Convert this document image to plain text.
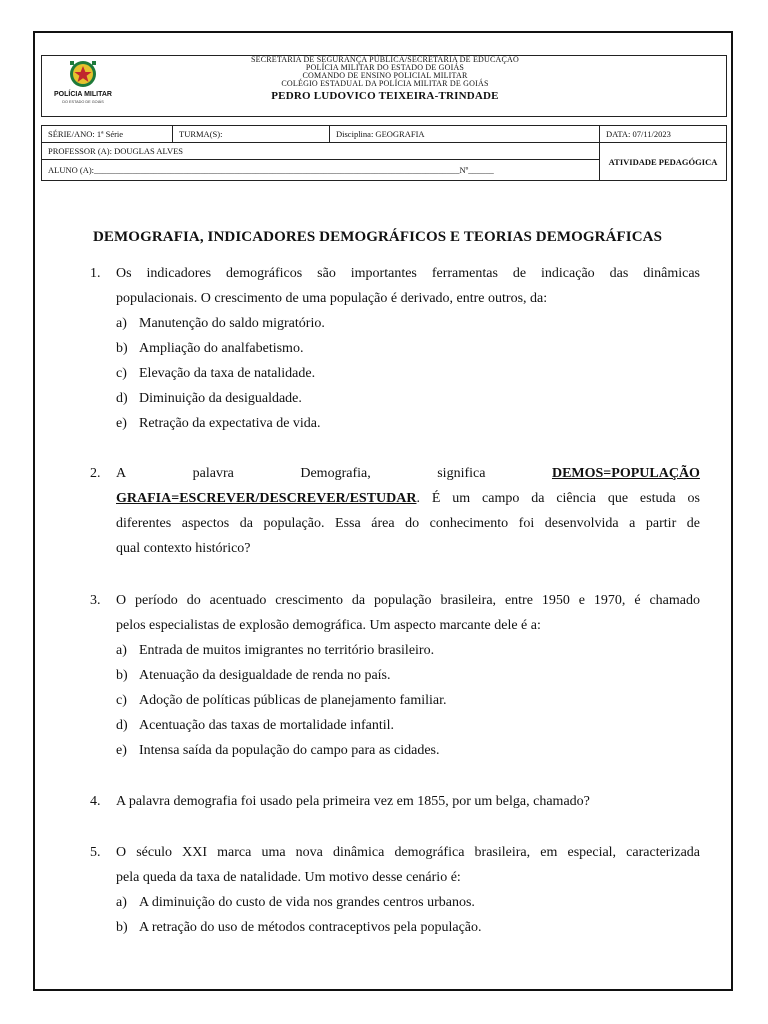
POLÍCIA MILITAR
DO ESTADO DE GOIÁS
SECRETARIA DE SEGURANÇA PÚBLICA/SECRETARIA DE EDUCAÇÃO
POLÍCIA MILITAR DO ESTADO DE GOIÁS
COMANDO DE ENSINO POLICIAL MILITAR
COLÉGIO ESTADUAL DA POLÍCIA MILITAR DE GOIÁS
PEDRO LUDOVICO TEIXEIRA-TRINDADE
SÉRIE/ANO: 1ª Série	TURMA(S):	Disciplina: GEOGRAFIA	DATA: 07/11/2023
PROFESSOR (A): DOUGLAS ALVES			ATIVIDADE PEDAGÓGICA
ALUNO (A):______________________________________________________________________________________Nº______			
DEMOGRAFIA, INDICADORES DEMOGRÁFICOS E TEORIAS DEMOGRÁFICAS
1.	Os indicadores demográficos são importantes ferramentas de indicação das dinâmicas
populacionais. O crescimento de uma população é derivado, entre outros, da:
a) Manutenção do saldo migratório.
b) Ampliação do analfabetismo.
c) Elevação da taxa de natalidade.
d) Diminuição da desigualdade.
e) Retração da expectativa de vida.
2.	A	palavra	Demografia,	significa	DEMOS=POPULAÇÃO
GRAFIA=ESCREVER/DESCREVER/ESTUDAR. É um campo da ciência que estuda os
diferentes aspectos da população. Essa área do conhecimento foi desenvolvida a partir de
qual contexto histórico?
3.	O período do acentuado crescimento da população brasileira, entre 1950 e 1970, é chamado
pelos especialistas de explosão demográfica. Um aspecto marcante dele é a:
a) Entrada de muitos imigrantes no território brasileiro.
b) Atenuação da desigualdade de renda no país.
c) Adoção de políticas públicas de planejamento familiar.
d) Acentuação das taxas de mortalidade infantil.
e) Intensa saída da população do campo para as cidades.
4.	A palavra demografia foi usado pela primeira vez em 1855, por um belga, chamado?
5.	O século XXI marca uma nova dinâmica demográfica brasileira, em especial, caracterizada
pela queda da taxa de natalidade. Um motivo desse cenário é:
a) A diminuição do custo de vida nos grandes centros urbanos.
b) A retração do uso de métodos contraceptivos pela população.
